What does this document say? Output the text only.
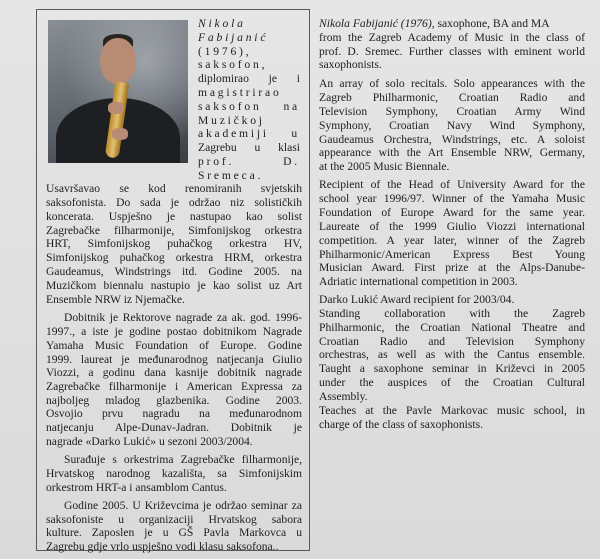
Nikola

Fabijanić

(1976),

saksofon,

diplomirao je i

magistrirao

saksofon na

Muzičkoj

akademiji u

Zagrebu u klasi

prof. D.

Sremeca.

Usavršavao se kod renomiranih svjetskih

saksofonista. Do sada je održao niz solističkih

koncerata. Uspješno je nastupao kao solist

Zagrebačke filharmonije, Simfonijskog orkestra

HRT, Simfonijskog puhačkog orkestra HV,

Simfonijskog puhačkog orkestra HRM, orkestra

Gaudeamus, Windstrings itd. Godine 2005. na

Muzičkom biennalu nastupio je kao solist uz Art

Ensemble NRW iz Njemačke.

Dobitnik je Rektorove nagrade za ak. god. 1996-

1997., a iste je godine postao dobitnikom Nagrade

Yamaha Music Foundation of Europe. Godine

1999. laureat je međunarodnog natjecanja Giulio

Viozzi, a godinu dana kasnije dobitnik nagrade

Zagrebačke filharmonije i American Expressa za

najbolјeg mladog glazbenika. Godine 2003.

Osvojio prvu nagradu na međunarodnom

natjecanju Alpe-Dunav-Jadran. Dobitnik je

nagrade «Darko Lukić» u sezoni 2003/2004.

Surađuje s orkestrima Zagrebačke filharmonije,

Hrvatskog narodnog kazališta, sa Simfonijskim

orkestrom HRT-a i ansamblom Cantus.

Godine 2005. U Križevcima je održao seminar za

saksofoniste u organizaciji Hrvatskog sabora

kulture. Zaposlen je u GŠ Pavla Markovca u

Zagrebu gdje vrlo uspješno vodi klasu saksofona..

Nikola Fabijanić (1976), saxophone, BA and MA

from the Zagreb Academy of Music in the class of

prof. D. Sremec. Further classes with eminent world

saxophonists.

An array of solo recitals. Solo appearances with the

Zagreb Philharmonic, Croatian Radio and

Television Symphony, Croatian Army Wind

Symphony, Croatian Navy Wind Symphony,

Gaudeamus Orchestra, Windstrings, etc. A soloist

appearance with the Art Ensemble NRW, Germany,

at the 2005 Music Biennale.

Recipient of the Head of University Award for the

school year 1996/97. Winner of the Yamaha Music

Foundation of Europe Award for the same year.

Laureate of the 1999 Giulio Viozzi international

competition. A year later, winner of the Zagreb

Philharmonic/American Express Best Young

Musician Award. First prize at the Alps-Danube-

Adriatic international competition in 2003.

Darko Lukić Award recipient for 2003/04.

Standing collaboration with the Zagreb

Philharmonic, the Croatian National Theatre and

Croatian Radio and Television Symphony

orchestras, as well as with the Cantus ensemble.

Taught a saxophone seminar in Križevci in 2005

under the auspices of the Croatian Cultural

Assembly.

Teaches at the Pavle Markovac music school, in

charge of the class of saxophonists.
